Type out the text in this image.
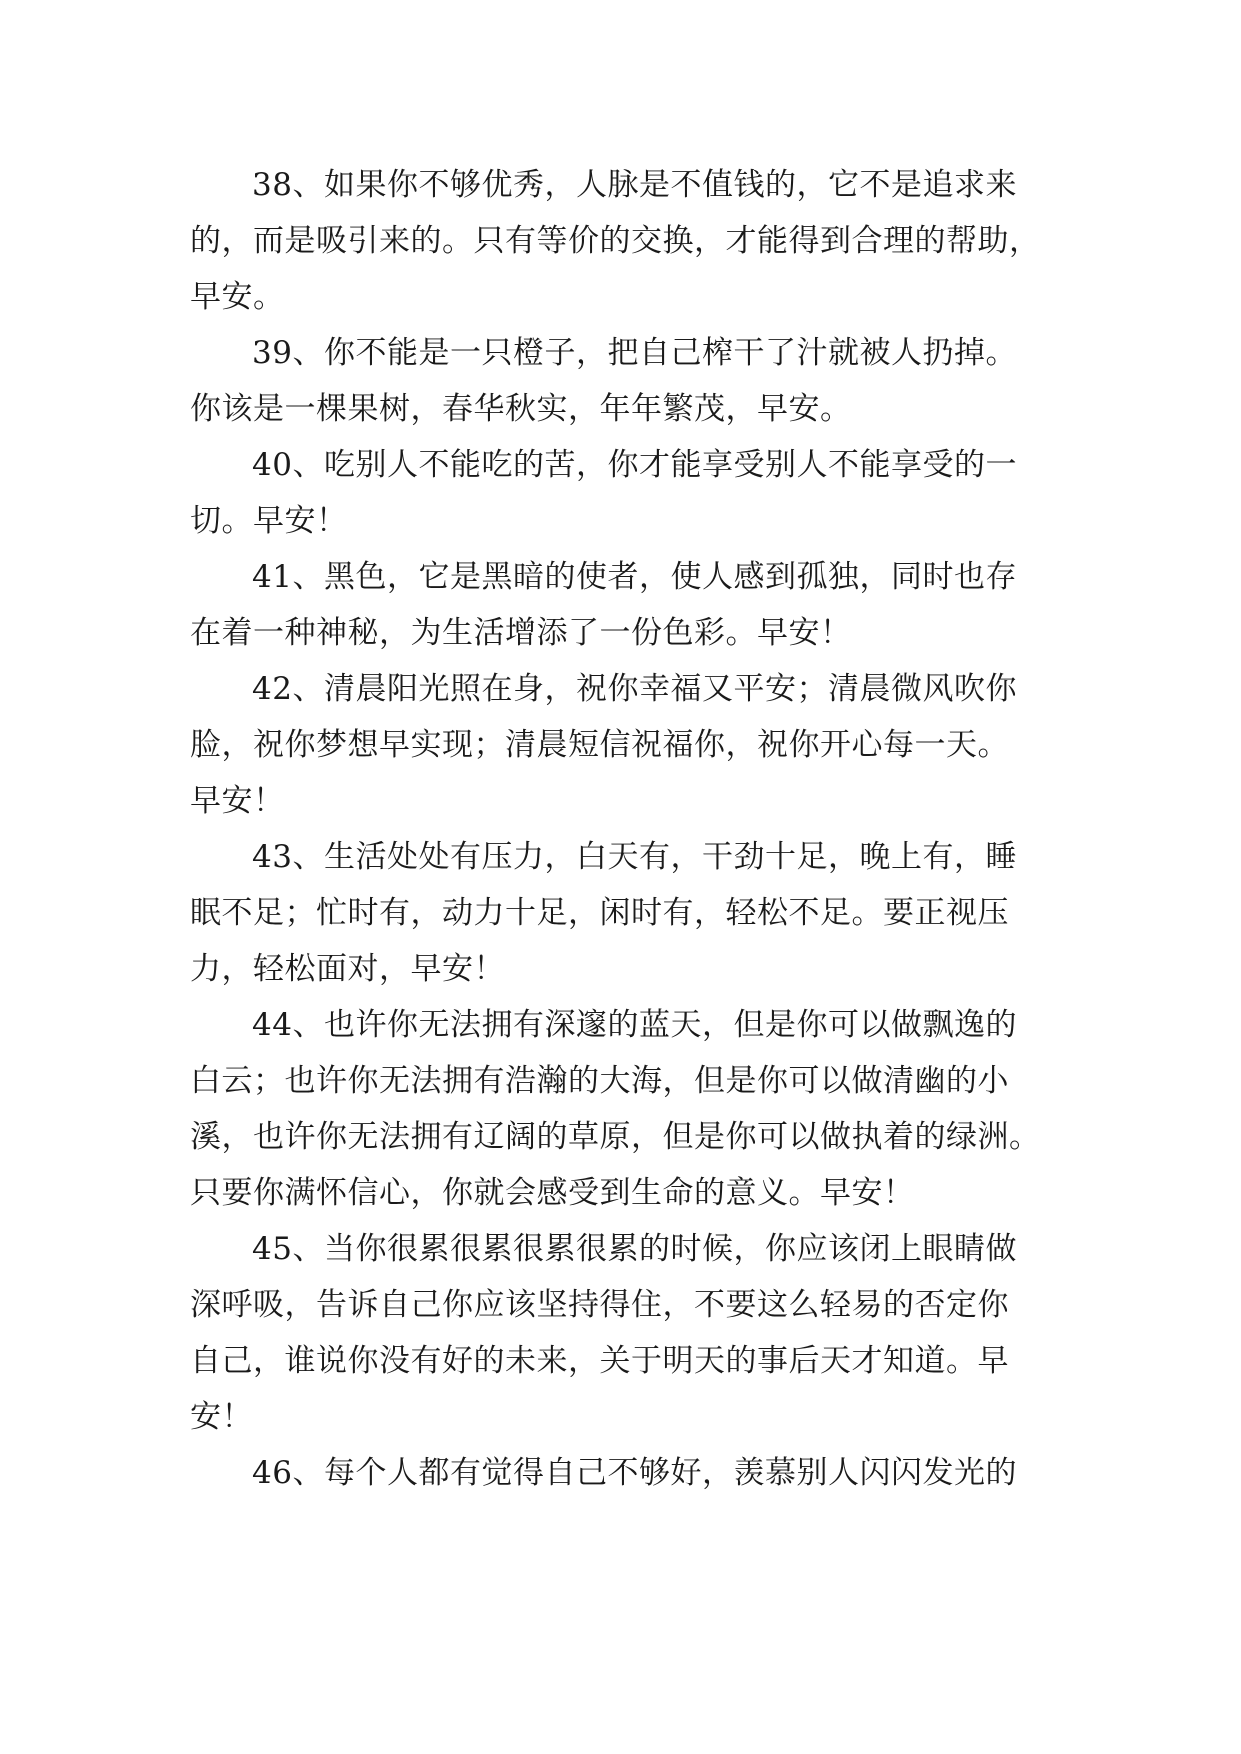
38、如果你不够优秀，人脉是不值钱的，它不是追求来
的，而是吸引来的。只有等价的交换，才能得到合理的帮助，
早安。
39、你不能是一只橙子，把自己榨干了汁就被人扔掉。
你该是一棵果树，春华秋实，年年繁茂，早安。
40、吃别人不能吃的苦，你才能享受别人不能享受的一
切。早安！
41、黑色，它是黑暗的使者，使人感到孤独，同时也存
在着一种神秘，为生活增添了一份色彩。早安！
42、清晨阳光照在身，祝你幸福又平安；清晨微风吹你
脸，祝你梦想早实现；清晨短信祝福你，祝你开心每一天。
早安！
43、生活处处有压力，白天有，干劲十足，晚上有，睡
眠不足；忙时有，动力十足，闲时有，轻松不足。要正视压
力，轻松面对，早安！
44、也许你无法拥有深邃的蓝天，但是你可以做飘逸的
白云；也许你无法拥有浩瀚的大海，但是你可以做清幽的小
溪，也许你无法拥有辽阔的草原，但是你可以做执着的绿洲。
只要你满怀信心，你就会感受到生命的意义。早安！
45、当你很累很累很累很累的时候，你应该闭上眼睛做
深呼吸，告诉自己你应该坚持得住，不要这么轻易的否定你
自己，谁说你没有好的未来，关于明天的事后天才知道。早
安！
46、每个人都有觉得自己不够好，羡慕别人闪闪发光的
